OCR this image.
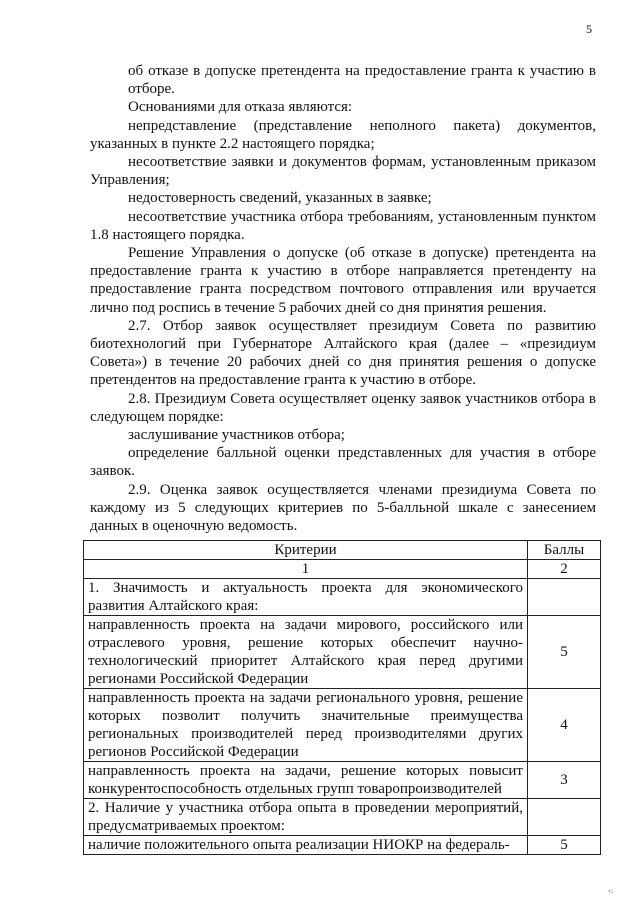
5

об отказе в допуске претендента на предоставление гранта к участию в отборе.

Основаниями для отказа являются:

непредставление (представление неполного пакета) документов, указанных в пункте 2.2 настоящего порядка;

несоответствие заявки и документов формам, установленным приказом Управления;

недостоверность сведений, указанных в заявке;

несоответствие участника отбора требованиям, установленным пунктом 1.8 настоящего порядка.

Решение Управления о допуске (об отказе в допуске) претендента на предоставление гранта к участию в отборе направляется претенденту на предоставление гранта посредством почтового отправления или вручается лично под роспись в течение 5 рабочих дней со дня принятия решения.

2.7. Отбор заявок осуществляет президиум Совета по развитию биотехнологий при Губернаторе Алтайского края (далее – «президиум Совета») в течение 20 рабочих дней со дня принятия решения о допуске претендентов на предоставление гранта к участию в отборе.

2.8. Президиум Совета осуществляет оценку заявок участников отбора в следующем порядке:

заслушивание участников отбора;

определение балльной оценки представленных для участия в отборе заявок.

2.9. Оценка заявок осуществляется членами президиума Совета по каждому из 5 следующих критериев по 5-балльной шкале с занесением данных в оценочную ведомость.

Критерии	Баллы
1	2
1. Значимость и актуальность проекта для экономического развития Алтайского края:	
направленность проекта на задачи мирового, российского или отраслевого уровня, решение которых обеспечит научно-технологический приоритет Алтайского края перед другими регионами Российской Федерации	5
направленность проекта на задачи регионального уровня, решение которых позволит получить значительные преимущества региональных производителей перед производителями других регионов Российской Федерации	4
направленность проекта на задачи, решение которых повысит конкурентоспособность отдельных групп товаропроизводителей	3
2. Наличие у участника отбора опыта в проведении мероприятий, предусматриваемых проектом:	
наличие положительного опыта реализации НИОКР на федераль-	5
ꞏ꞉
